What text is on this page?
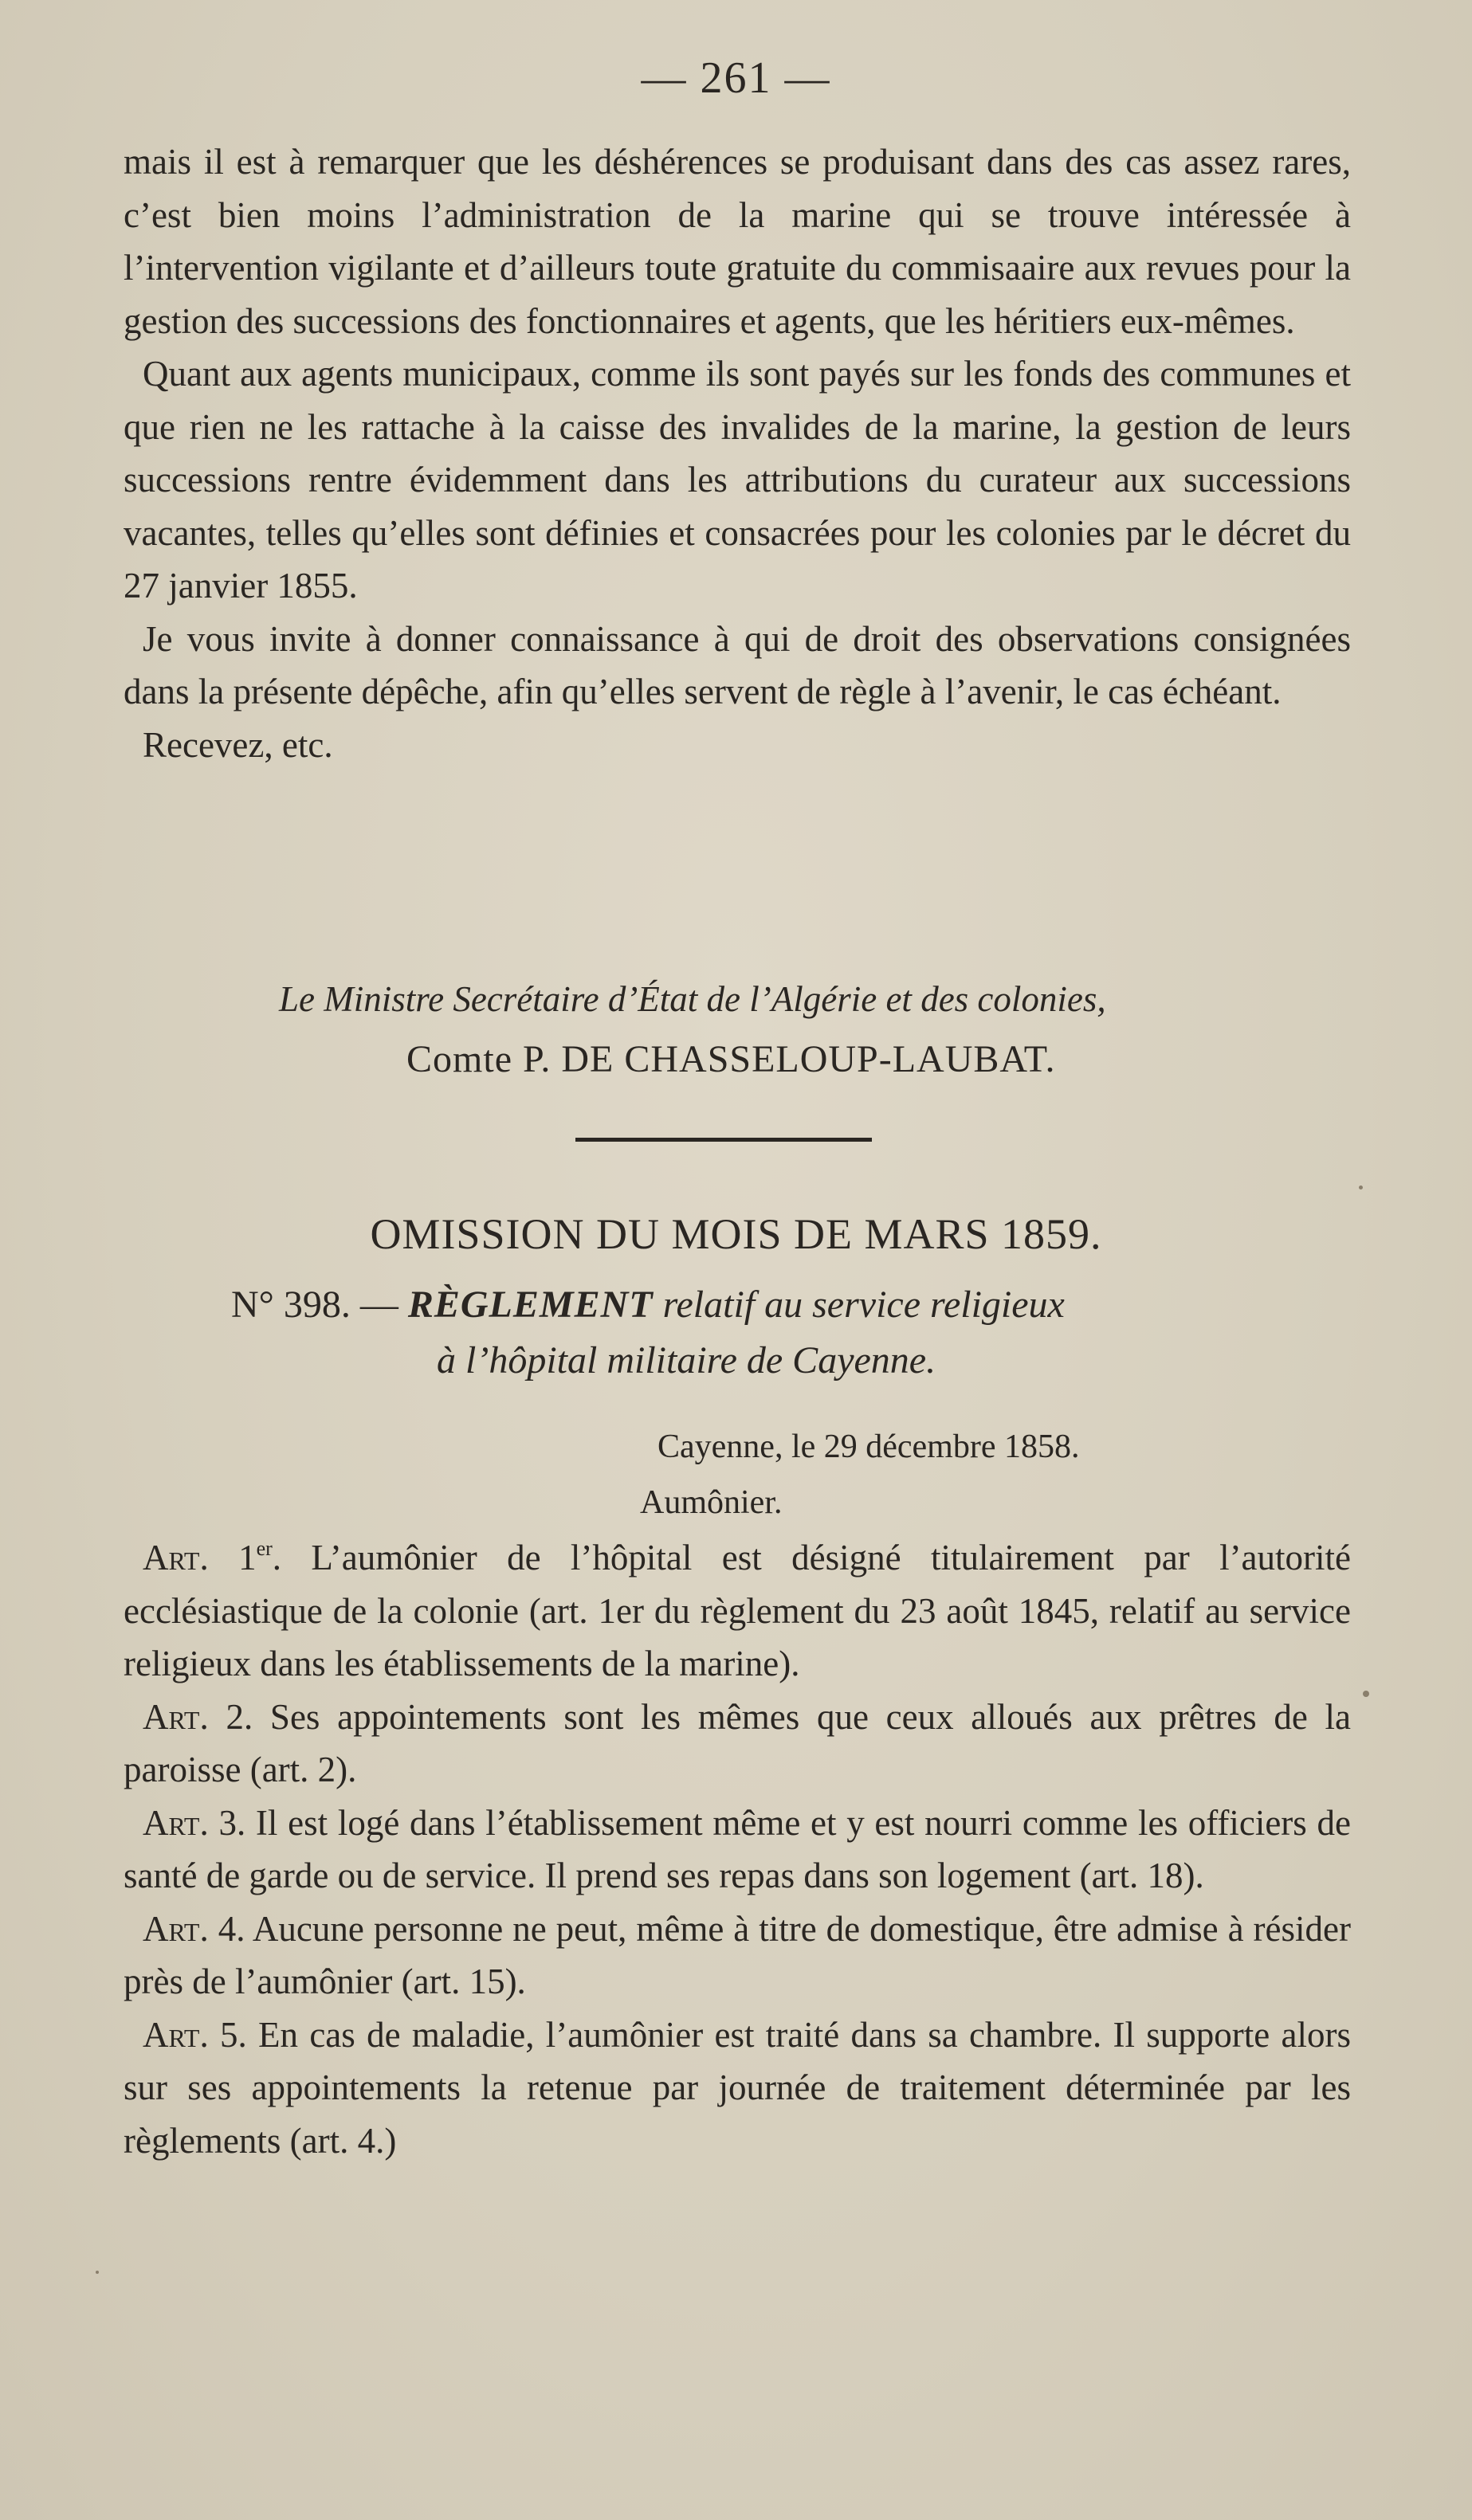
— 261 —

mais il est à remarquer que les déshérences se produisant dans des cas assez rares, c’est bien moins l’administration de la marine qui se trouve intéressée à l’intervention vigilante et d’ailleurs toute gratuite du commisaaire aux revues pour la gestion des successions des fonctionnaires et agents, que les héritiers eux-mêmes.

Quant aux agents municipaux, comme ils sont payés sur les fonds des communes et que rien ne les rattache à la caisse des invalides de la marine, la gestion de leurs successions rentre évidemment dans les attributions du curateur aux successions vacantes, telles qu’elles sont définies et consacrées pour les colonies par le décret du 27 janvier 1855.

Je vous invite à donner connaissance à qui de droit des observations consignées dans la présente dépêche, afin qu’elles servent de règle à l’avenir, le cas échéant.

Recevez, etc.

Le Ministre Secrétaire d’État de l’Algérie et des colonies,
Comte P. DE CHASSELOUP-LAUBAT.
OMISSION DU MOIS DE MARS 1859.
N° 398. — RÈGLEMENT relatif au service religieux
à l’hôpital militaire de Cayenne.
Cayenne, le 29 décembre 1858.
Aumônier.

Art. 1er. L’aumônier de l’hôpital est désigné titulairement par l’autorité ecclésiastique de la colonie (art. 1er du règlement du 23 août 1845, relatif au service religieux dans les établissements de la marine).

Art. 2. Ses appointements sont les mêmes que ceux alloués aux prêtres de la paroisse (art. 2).

Art. 3. Il est logé dans l’établissement même et y est nourri comme les officiers de santé de garde ou de service. Il prend ses repas dans son logement (art. 18).

Art. 4. Aucune personne ne peut, même à titre de domestique, être admise à résider près de l’aumônier (art. 15).

Art. 5. En cas de maladie, l’aumônier est traité dans sa chambre. Il supporte alors sur ses appointements la retenue par journée de traitement déterminée par les règlements (art. 4.)
